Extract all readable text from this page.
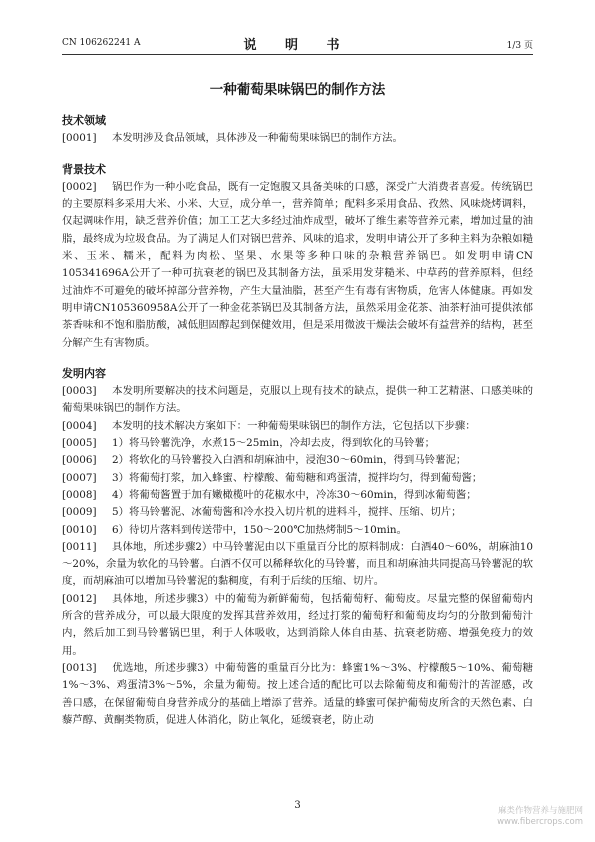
CN 106262241 A	说 明 书	1/3 页
一种葡萄果味锅巴的制作方法
技术领域

[0001] 本发明涉及食品领域，具体涉及一种葡萄果味锅巴的制作方法。

背景技术

[0002] 锅巴作为一种小吃食品，既有一定饱腹又具备美味的口感，深受广大消费者喜爱。传统锅巴的主要原料多采用大米、小米、大豆，成分单一，营养简单；配料多采用食品、孜然、风味烧烤调料，仅起调味作用，缺乏营养价值；加工工艺大多经过油炸成型，破坏了维生素等营养元素，增加过量的油脂，最终成为垃圾食品。为了满足人们对锅巴营养、风味的追求，发明申请公开了多种主料为杂粮如糙米、玉米、糯米，配料为肉松、坚果、水果等多种口味的杂粮营养锅巴。如发明申请CN 105341696A公开了一种可抗衰老的锅巴及其制备方法，虽采用发芽糙米、中草药的营养原料，但经过油炸不可避免的破坏掉部分营养物，产生大量油脂，甚至产生有毒有害物质，危害人体健康。再如发明申请CN105360958A公开了一种金花茶锅巴及其制备方法，虽然采用金花茶、油茶籽油可提供浓郁茶香味和不饱和脂肪酸，减低胆固醇起到保健效用，但是采用微波干燥法会破坏有益营养的结构，甚至分解产生有害物质。

发明内容

[0003] 本发明所要解决的技术问题是，克服以上现有技术的缺点，提供一种工艺精湛、口感美味的葡萄果味锅巴的制作方法。

[0004] 本发明的技术解决方案如下：一种葡萄果味锅巴的制作方法，它包括以下步骤：

[0005] 1）将马铃薯洗净，水煮15～25min，冷却去皮，得到软化的马铃薯；

[0006] 2）将软化的马铃薯投入白酒和胡麻油中，浸泡30～60min，得到马铃薯泥；

[0007] 3）将葡萄打浆，加入蜂蜜、柠檬酸、葡萄糖和鸡蛋清，搅拌均匀，得到葡萄酱；

[0008] 4）将葡萄酱置于加有嫩橄榄叶的花椒水中，冷冻30～60min，得到冰葡萄酱；

[0009] 5）将马铃薯泥、冰葡萄酱和冷水投入切片机的进料斗，搅拌、压缩、切片；

[0010] 6）待切片落料到传送带中，150～200℃加热烤制5～10min。

[0011] 具体地，所述步骤2）中马铃薯泥由以下重量百分比的原料制成：白酒40～60%，胡麻油10～20%，余量为软化的马铃薯。白酒不仅可以稀释软化的马铃薯，而且和胡麻油共同提高马铃薯泥的软度，而胡麻油可以增加马铃薯泥的黏稠度，有利于后续的压缩、切片。

[0012] 具体地，所述步骤3）中的葡萄为新鲜葡萄，包括葡萄籽、葡萄皮。尽量完整的保留葡萄内所含的营养成分，可以最大限度的发挥其营养效用，经过打浆的葡萄籽和葡萄皮均匀的分散到葡萄汁内，然后加工到马铃薯锅巴里，利于人体吸收，达到消除人体自由基、抗衰老防癌、增强免疫力的效用。

[0013] 优选地，所述步骤3）中葡萄酱的重量百分比为：蜂蜜1%～3%、柠檬酸5～10%、葡萄糖1%～3%、鸡蛋清3%～5%，余量为葡萄。按上述合适的配比可以去除葡萄皮和葡萄汁的苦涩感，改善口感，在保留葡萄自身营养成分的基础上增添了营养。适量的蜂蜜可保护葡萄皮所含的天然色素、白藜芦醇、黄酮类物质，促进人体消化，防止氧化，延缓衰老，防止动

3	麻类作物营养与施肥网
www.fibercrops.com
